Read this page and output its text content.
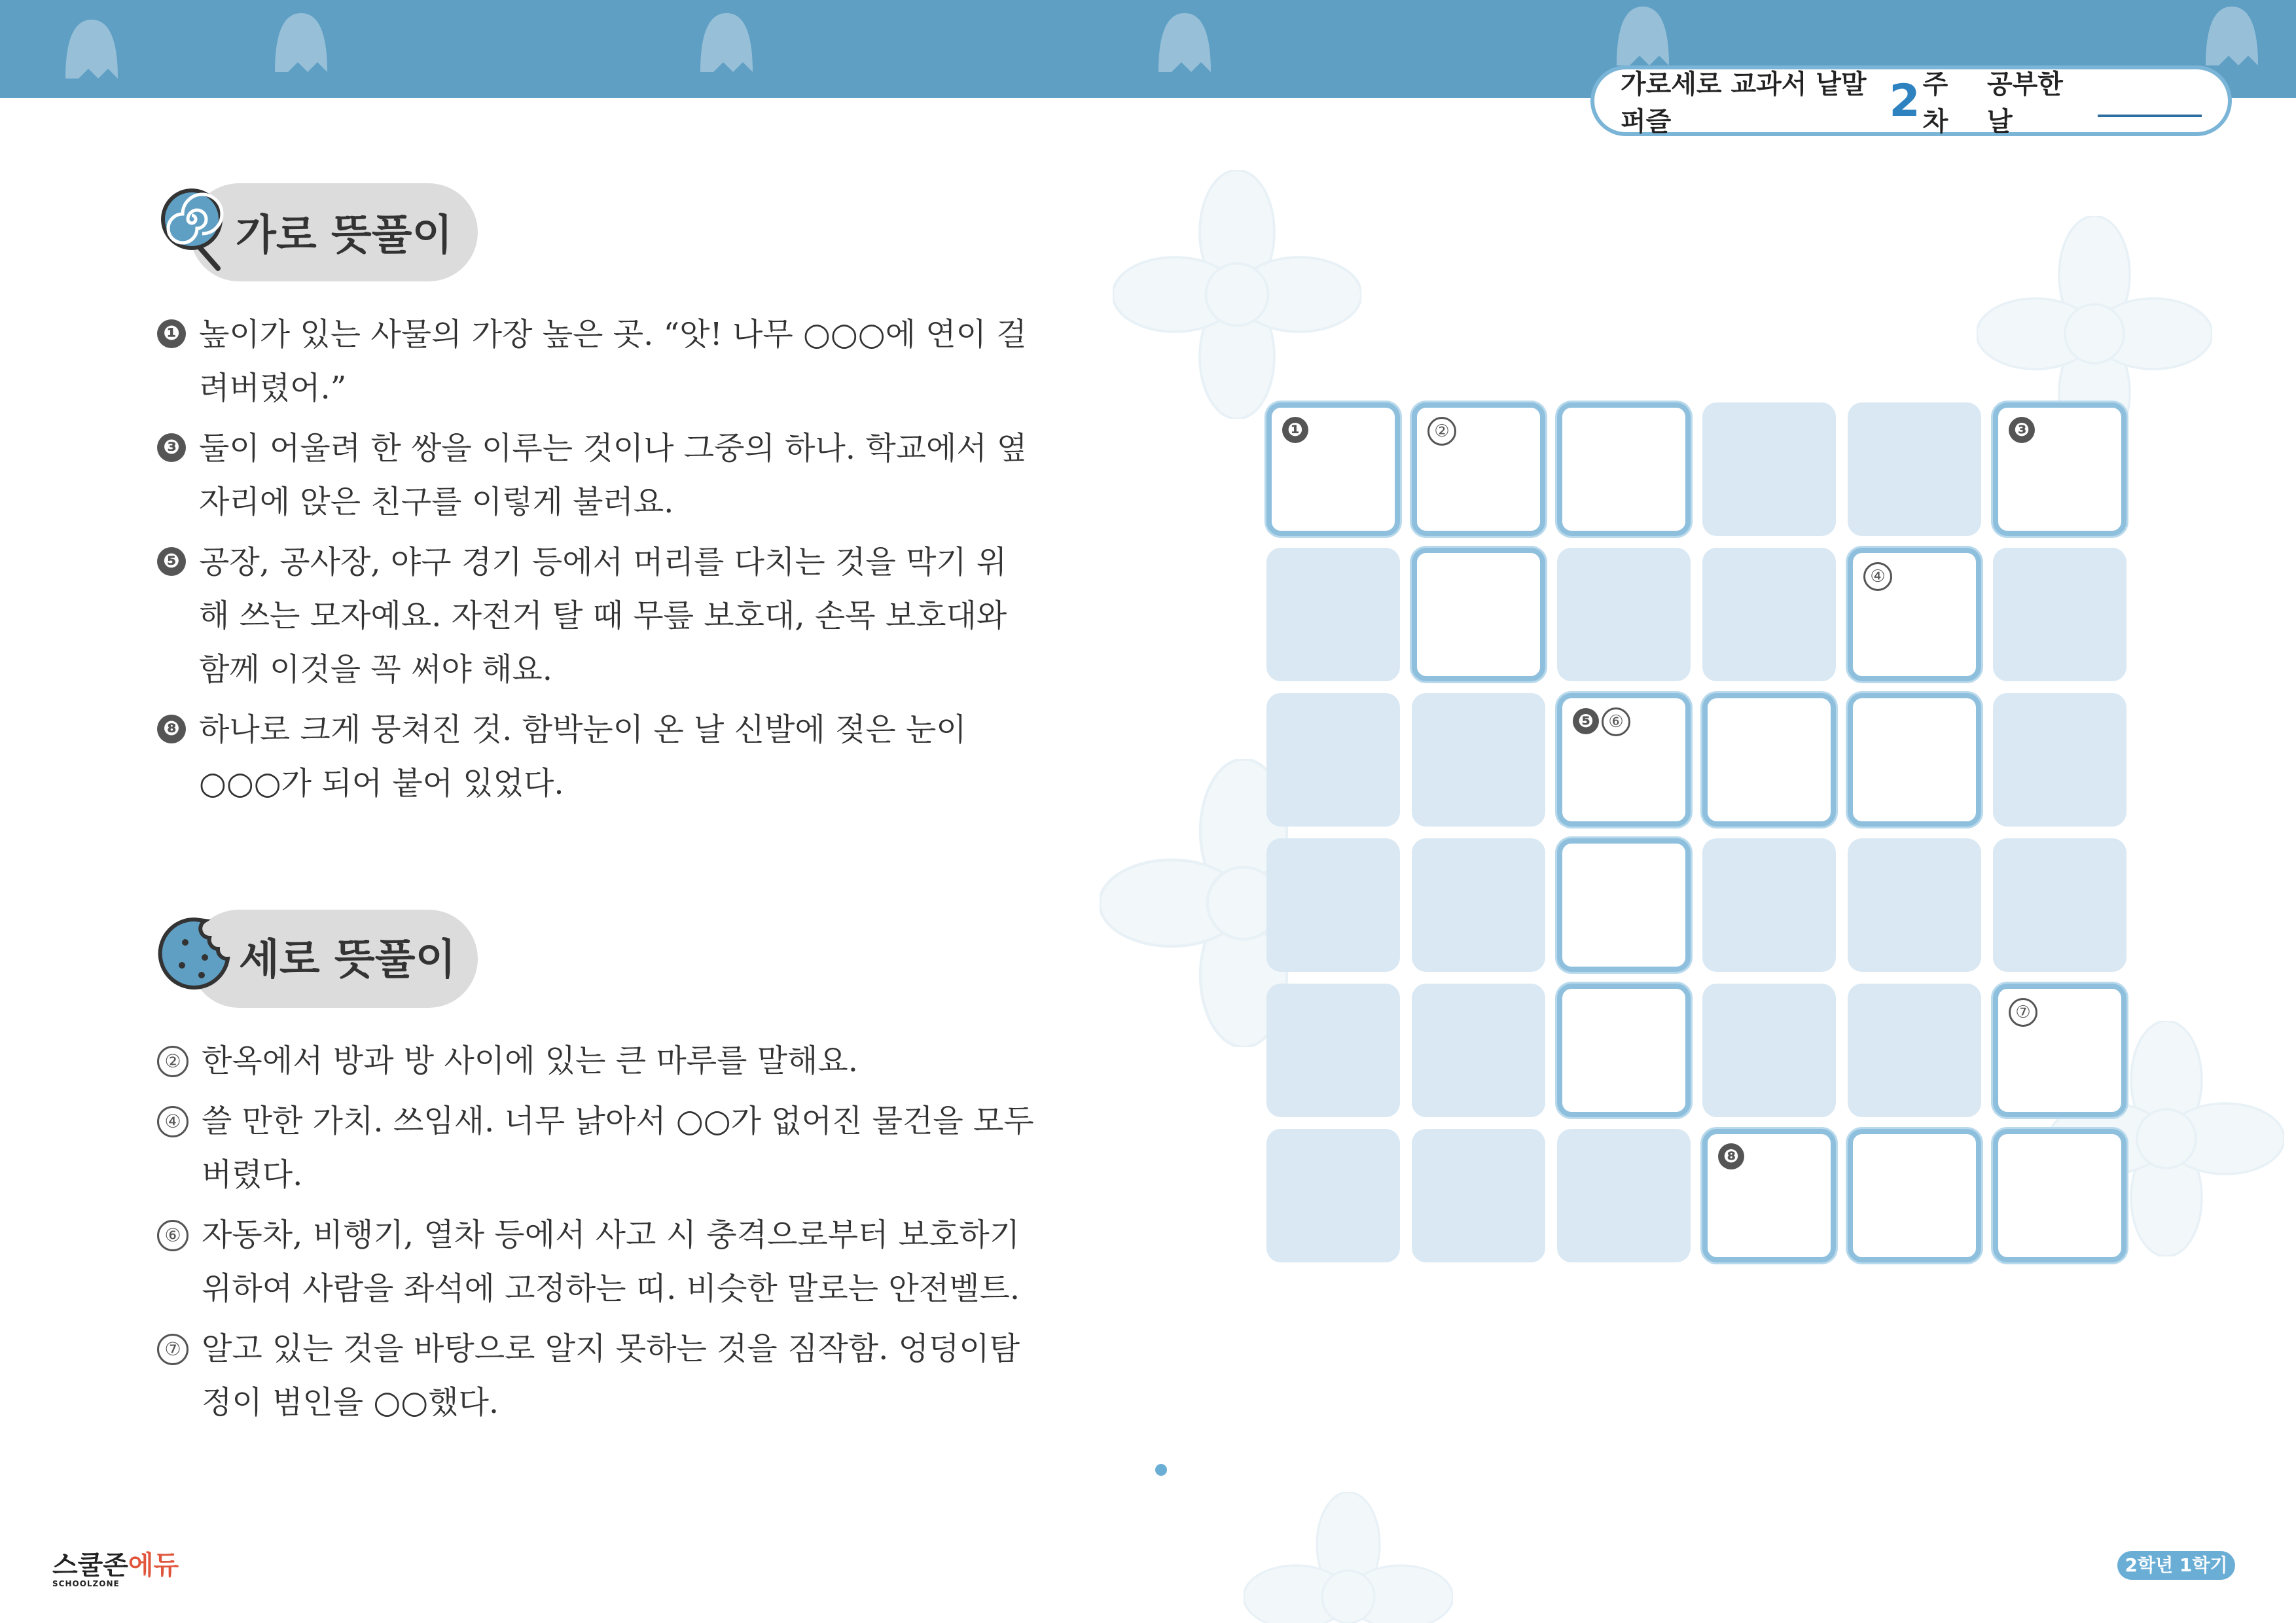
가로세로 교과서 낱말퍼즐	2 주차
공부한 날
가로 뜻풀이
❶ 높이가 있는 사물의 가장 높은 곳. “앗! 나무 ○○○에 연이 걸려버렸어.”
❸ 둘이 어울려 한 쌍을 이루는 것이나 그중의 하나. 학교에서 옆자리에 앉은 친구를 이렇게 불러요.
❺ 공장, 공사장, 야구 경기 등에서 머리를 다치는 것을 막기 위해 쓰는 모자예요. 자전거 탈 때 무릎 보호대, 손목 보호대와 함께 이것을 꼭 써야 해요.
❽ 하나로 크게 뭉쳐진 것. 함박눈이 온 날 신발에 젖은 눈이 ○○○가 되어 붙어 있었다.
세로 뜻풀이
② 한옥에서 방과 방 사이에 있는 큰 마루를 말해요.
④ 쓸 만한 가치. 쓰임새. 너무 낡아서 ○○가 없어진 물건을 모두 버렸다.
⑥ 자동차, 비행기, 열차 등에서 사고 시 충격으로부터 보호하기 위하여 사람을 좌석에 고정하는 띠. 비슷한 말로는 안전벨트.
⑦ 알고 있는 것을 바탕으로 알지 못하는 것을 짐작함. 엉덩이탐정이 범인을 ○○했다.
❶	②	❸
④
❺ ⑥
⑦
❽
스쿨존에듀
SCHOOLZONE
2학년 1학기
